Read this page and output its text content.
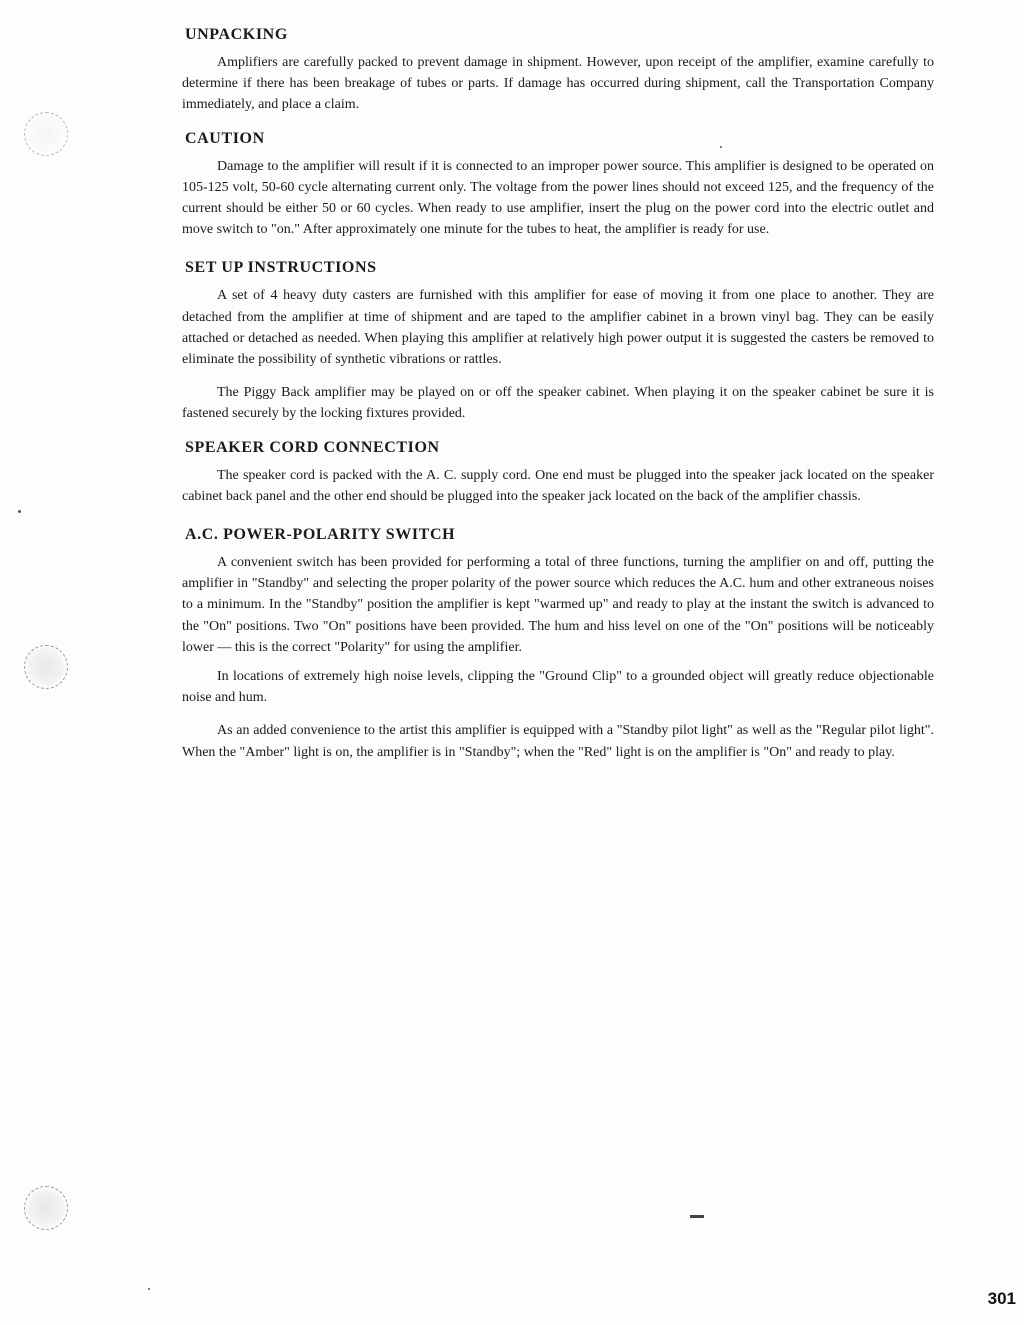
UNPACKING

Amplifiers are carefully packed to prevent damage in shipment. However, upon receipt of the amplifier, examine carefully to determine if there has been breakage of tubes or parts. If damage has occurred during shipment, call the Transportation Company immediately, and place a claim.

CAUTION

Damage to the amplifier will result if it is connected to an improper power source. This amplifier is designed to be operated on 105-125 volt, 50-60 cycle alternating current only. The voltage from the power lines should not exceed 125, and the frequency of the current should be either 50 or 60 cycles. When ready to use amplifier, insert the plug on the power cord into the electric outlet and move switch to "on." After approximately one minute for the tubes to heat, the amplifier is ready for use.

SET UP INSTRUCTIONS

A set of 4 heavy duty casters are furnished with this amplifier for ease of moving it from one place to another. They are detached from the amplifier at time of shipment and are taped to the amplifier cabinet in a brown vinyl bag. They can be easily attached or detached as needed. When playing this amplifier at relatively high power output it is suggested the casters be removed to eliminate the possibility of synthetic vibrations or rattles.

The Piggy Back amplifier may be played on or off the speaker cabinet. When playing it on the speaker cabinet be sure it is fastened securely by the locking fixtures provided.

SPEAKER CORD CONNECTION

The speaker cord is packed with the A. C. supply cord. One end must be plugged into the speaker jack located on the speaker cabinet back panel and the other end should be plugged into the speaker jack located on the back of the amplifier chassis.

A.C. POWER-POLARITY SWITCH

A convenient switch has been provided for performing a total of three functions, turning the amplifier on and off, putting the amplifier in "Standby" and selecting the proper polarity of the power source which reduces the A.C. hum and other extraneous noises to a minimum. In the "Standby" position the amplifier is kept "warmed up" and ready to play at the instant the switch is advanced to the "On" positions. Two "On" positions have been provided. The hum and hiss level on one of the "On" positions will be noticeably lower — this is the correct "Polarity" for using the amplifier.

In locations of extremely high noise levels, clipping the "Ground Clip" to a grounded object will greatly reduce objectionable noise and hum.

As an added convenience to the artist this amplifier is equipped with a "Standby pilot light" as well as the "Regular pilot light". When the "Amber" light is on, the amplifier is in "Standby"; when the "Red" light is on the amplifier is "On" and ready to play.

301
